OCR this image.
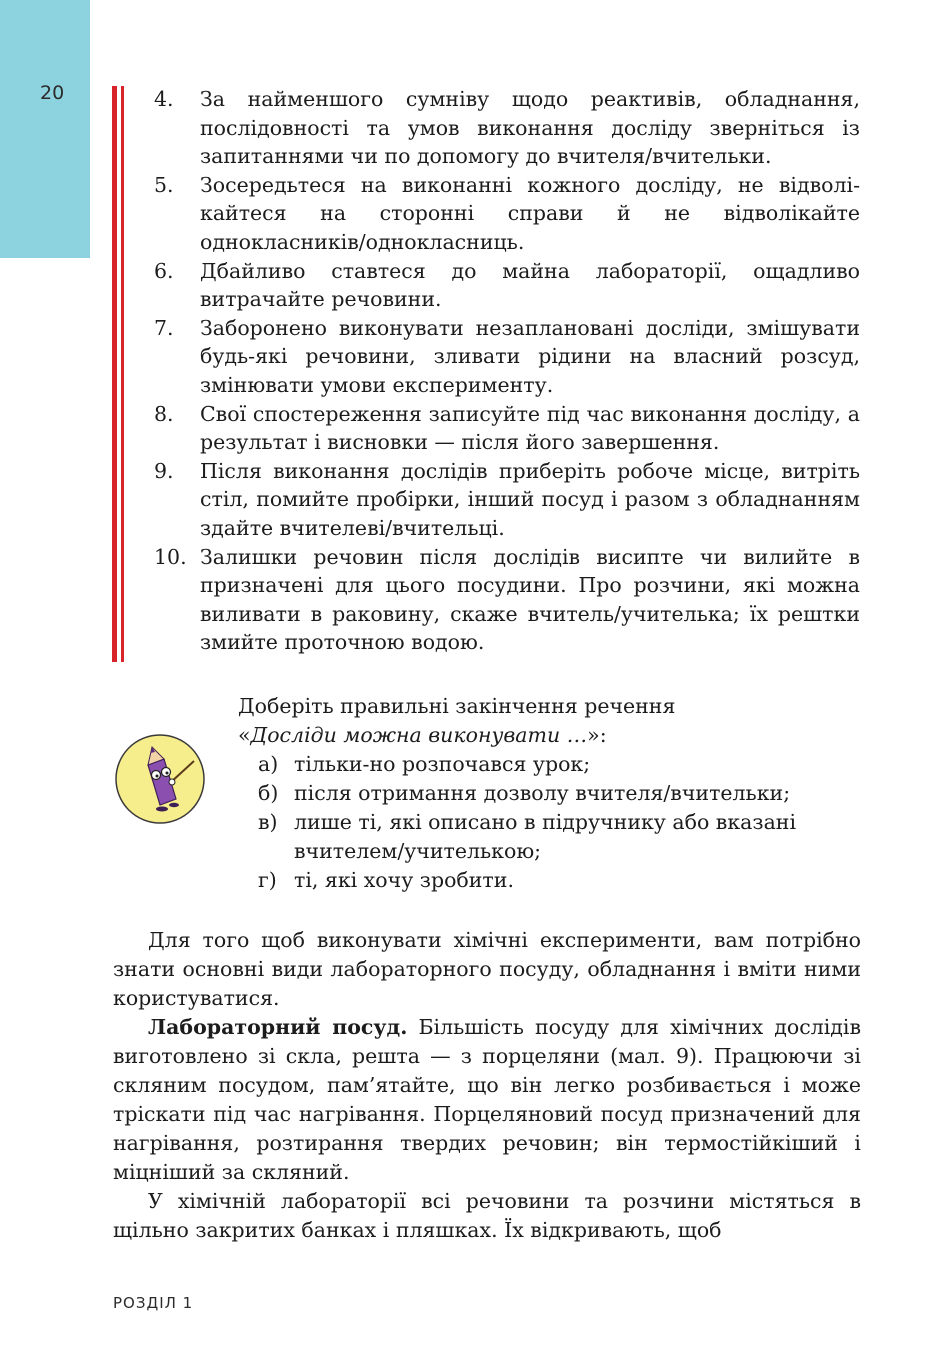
20	4.	За найменшого сумніву щодо реактивів, обладнання, послідовності та умов виконання досліду зверніться із запитаннями чи по допомогу до вчителя/вчительки.
5.	Зосередьтеся на виконанні кожного досліду, не відволікайтеся на сторонні справи й не відволікайте однокласників/однокласниць.
6.	Дбайливо ставтеся до майна лабораторії, ощадливо витрачайте речовини.
7.	Заборонено виконувати незаплановані досліди, змішувати будь-які речовини, зливати рідини на власний розсуд, змінювати умови експерименту.
8.	Свої спостереження записуйте під час виконання досліду, а результат і висновки — після його завершення.
9.	Після виконання дослідів приберіть робоче місце, витріть стіл, помийте пробірки, інший посуд і разом з обладнанням здайте вчителеві/вчительці.
10. Залишки речовин після дослідів висипте чи вилийте в призначені для цього посудини. Про розчини, які можна виливати в раковину, скаже вчитель/учителька; їх рештки змийте проточною водою.
Доберіть правильні закінчення речення
«Досліди можна виконувати …»:
а) тільки-но розпочався урок;
б) після отримання дозволу вчителя/вчительки;
в) лише ті, які описано в підручнику або вказані вчителем/учителькою;
г) ті, які хочу зробити.

Для того щоб виконувати хімічні експерименти, вам потрібно знати основні види лабораторного посуду, обладнання і вміти ними користуватися.

Лабораторний посуд. Більшість посуду для хімічних дослідів виготовлено зі скла, решта — з порцеляни (мал. 9). Працюючи зі скляним посудом, пам’ятайте, що він легко розбивається і може тріскати під час нагрівання. Порцеляновий посуд призначений для нагрівання, розтирання твердих речовин; він термостійкіший і міцніший за скляний.

У хімічній лабораторії всі речовини та розчини містяться в щільно закритих банках і пляшках. Їх відкривають, щоб

РОЗДІЛ 1
